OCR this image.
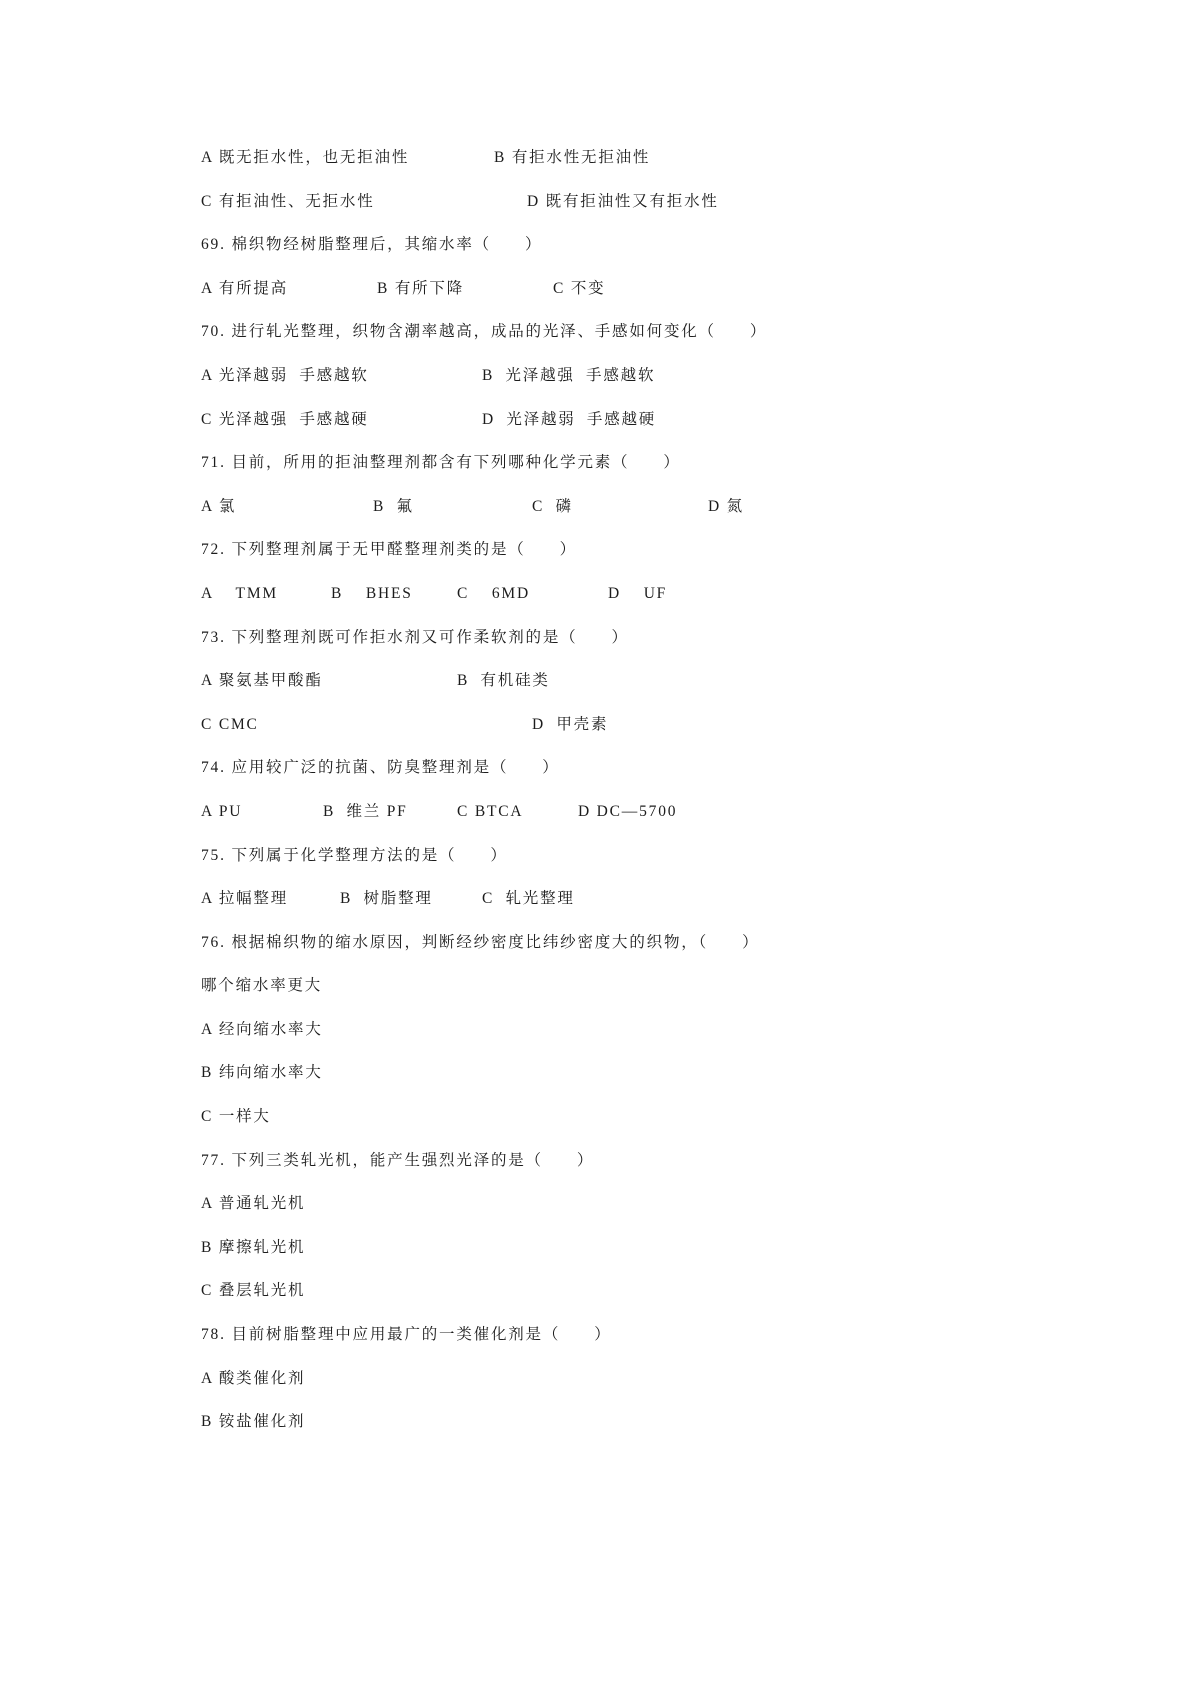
A 既无拒水性，也无拒油性	B 有拒水性无拒油性
C 有拒油性、无拒水性	D 既有拒油性又有拒水性
69. 棉织物经树脂整理后，其缩水率（      ）
A 有所提高	B 有所下降	C 不变
70. 进行轧光整理，织物含潮率越高，成品的光泽、手感如何变化（      ）
A 光泽越弱  手感越软	B  光泽越强  手感越软
C 光泽越强  手感越硬	D  光泽越弱  手感越硬
71. 目前，所用的拒油整理剂都含有下列哪种化学元素（      ）
A 氯	B  氟	C  磷	D 氮
72. 下列整理剂属于无甲醛整理剂类的是（      ）
A    TMM	B    BHES	C    6MD	D    UF
73. 下列整理剂既可作拒水剂又可作柔软剂的是（      ）
A 聚氨基甲酸酯	B  有机硅类
C CMC	D  甲壳素
74. 应用较广泛的抗菌、防臭整理剂是（      ）
A PU	B  维兰 PF	C BTCA	D DC—5700
75. 下列属于化学整理方法的是（      ）
A 拉幅整理	B  树脂整理	C  轧光整理
76. 根据棉织物的缩水原因，判断经纱密度比纬纱密度大的织物，（      ）
哪个缩水率更大
A 经向缩水率大
B 纬向缩水率大
C 一样大
77. 下列三类轧光机，能产生强烈光泽的是（      ）
A 普通轧光机
B 摩擦轧光机
C 叠层轧光机
78. 目前树脂整理中应用最广的一类催化剂是（      ）
A 酸类催化剂
B 铵盐催化剂
